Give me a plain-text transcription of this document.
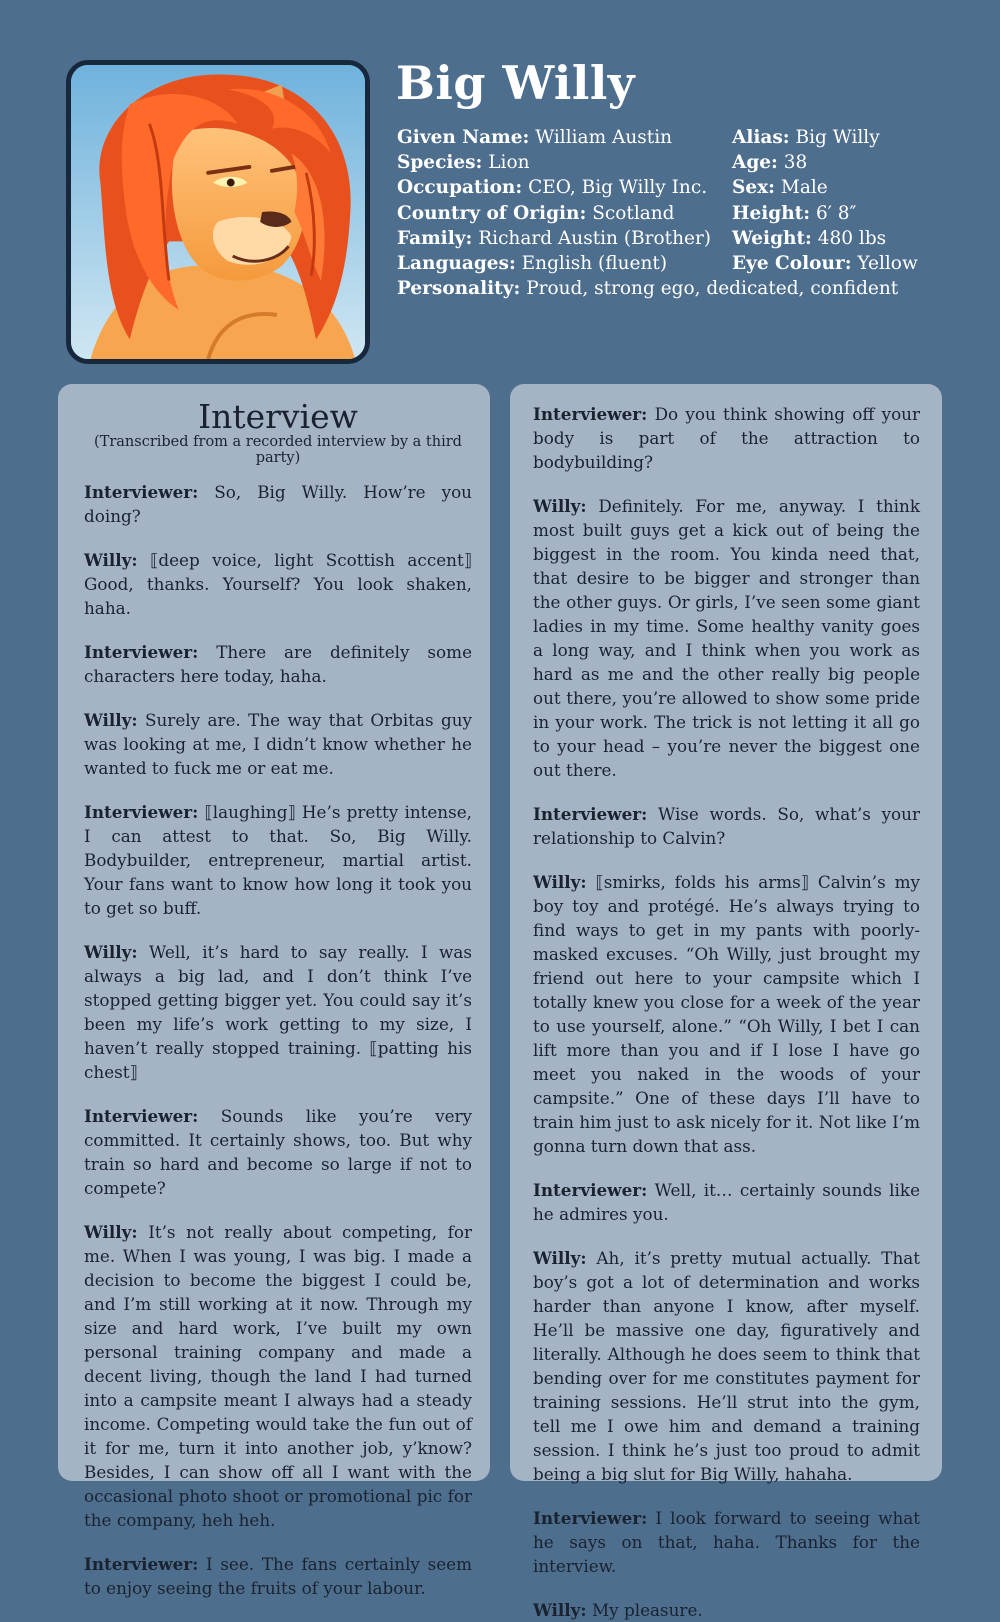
Big Willy
Given Name: William Austin	Alias: Big Willy
Species: Lion	Age: 38
Occupation: CEO, Big Willy Inc.	Sex: Male
Country of Origin: Scotland	Height: 6′ 8″
Family: Richard Austin (Brother)	Weight: 480 lbs
Languages: English (fluent)	Eye Colour: Yellow
Personality: Proud, strong ego, dedicated, confident
Interview
(Transcribed from a recorded interview by a third party)

Interviewer: So, Big Willy. How’re you doing?

Willy: ⟦deep voice, light Scottish accent⟧ Good, thanks. Yourself? You look shaken, haha.

Interviewer: There are definitely some characters here today, haha.

Willy: Surely are. The way that Orbitas guy was looking at me, I didn’t know whether he wanted to fuck me or eat me.

Interviewer: ⟦laughing⟧ He’s pretty intense, I can attest to that. So, Big Willy. Bodybuilder, entrepreneur, martial artist. Your fans want to know how long it took you to get so buff.

Willy: Well, it’s hard to say really. I was always a big lad, and I don’t think I’ve stopped getting bigger yet. You could say it’s been my life’s work getting to my size, I haven’t really stopped training. ⟦patting his chest⟧

Interviewer: Sounds like you’re very committed. It certainly shows, too. But why train so hard and become so large if not to compete?

Willy: It’s not really about competing, for me. When I was young, I was big. I made a decision to become the biggest I could be, and I’m still working at it now. Through my size and hard work, I’ve built my own personal training company and made a decent living, though the land I had turned into a campsite meant I always had a steady income. Competing would take the fun out of it for me, turn it into another job, y’know? Besides, I can show off all I want with the occasional photo shoot or promotional pic for the company, heh heh.

Interviewer: I see. The fans certainly seem to enjoy seeing the fruits of your labour.

Interviewer: Do you think showing off your body is part of the attraction to bodybuilding?

Willy: Definitely. For me, anyway. I think most built guys get a kick out of being the biggest in the room. You kinda need that, that desire to be bigger and stronger than the other guys. Or girls, I’ve seen some giant ladies in my time. Some healthy vanity goes a long way, and I think when you work as hard as me and the other really big people out there, you’re allowed to show some pride in your work. The trick is not letting it all go to your head – you’re never the biggest one out there.

Interviewer: Wise words. So, what’s your relationship to Calvin?

Willy: ⟦smirks, folds his arms⟧ Calvin’s my boy toy and protégé. He’s always trying to find ways to get in my pants with poorly-masked excuses. “Oh Willy, just brought my friend out here to your campsite which I totally knew you close for a week of the year to use yourself, alone.” “Oh Willy, I bet I can lift more than you and if I lose I have go meet you naked in the woods of your campsite.” One of these days I’ll have to train him just to ask nicely for it. Not like I’m gonna turn down that ass.

Interviewer: Well, it… certainly sounds like he admires you.

Willy: Ah, it’s pretty mutual actually. That boy’s got a lot of determination and works harder than anyone I know, after myself. He’ll be massive one day, figuratively and literally. Although he does seem to think that bending over for me constitutes payment for training sessions. He’ll strut into the gym, tell me I owe him and demand a training session. I think he’s just too proud to admit being a big slut for Big Willy, hahaha.

Interviewer: I look forward to seeing what he says on that, haha. Thanks for the interview.

Willy: My pleasure.
